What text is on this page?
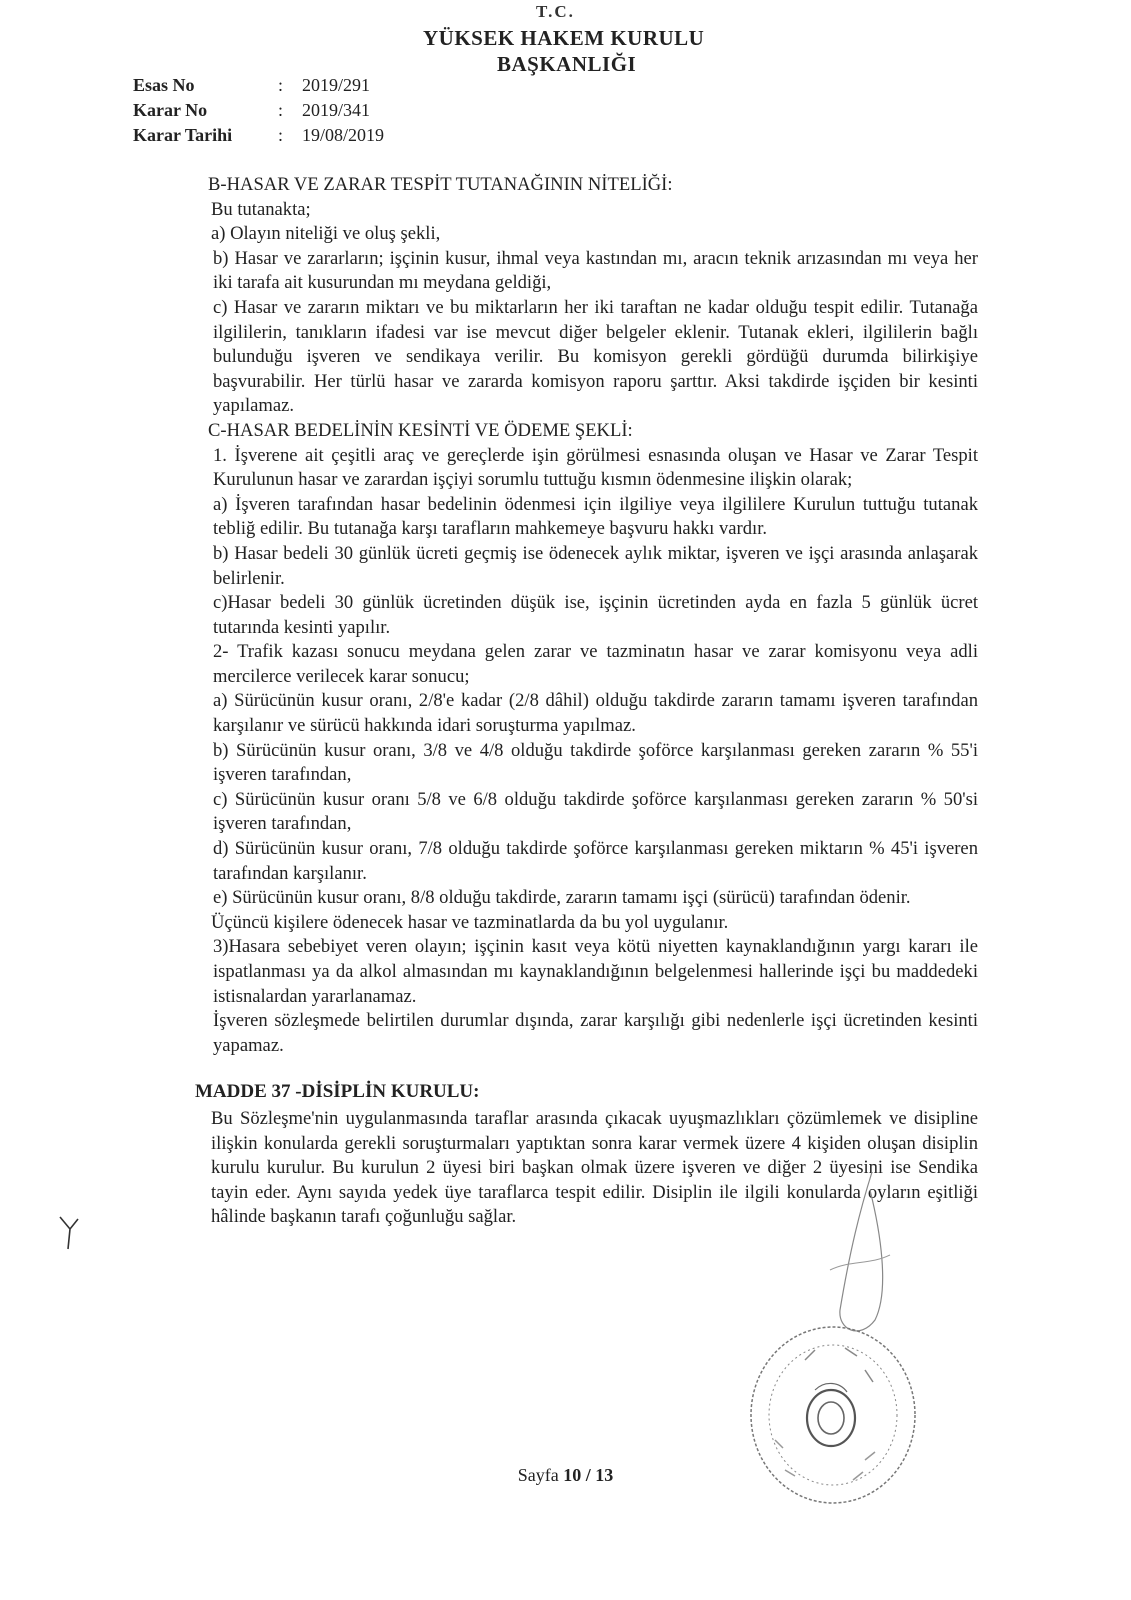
T.C.
YÜKSEK HAKEM KURULU
BAŞKANLIĞI
Esas No	: 2019/291
Karar No	: 2019/341
Karar Tarihi	: 19/08/2019

B-HASAR VE ZARAR TESPİT TUTANAĞININ NİTELİĞİ:

Bu tutanakta;

a) Olayın niteliği ve oluş şekli,

b) Hasar ve zararların; işçinin kusur, ihmal veya kastından mı, aracın teknik arızasından mı veya her iki tarafa ait kusurundan mı meydana geldiği,

c) Hasar ve zararın miktarı ve bu miktarların her iki taraftan ne kadar olduğu tespit edilir. Tutanağa ilgililerin, tanıkların ifadesi var ise mevcut diğer belgeler eklenir. Tutanak ekleri, ilgililerin bağlı bulunduğu işveren ve sendikaya verilir. Bu komisyon gerekli gördüğü durumda bilirkişiye başvurabilir. Her türlü hasar ve zararda komisyon raporu şarttır. Aksi takdirde işçiden bir kesinti yapılamaz.

C-HASAR BEDELİNİN KESİNTİ VE ÖDEME ŞEKLİ:

1. İşverene ait çeşitli araç ve gereçlerde işin görülmesi esnasında oluşan ve Hasar ve Zarar Tespit Kurulunun hasar ve zarardan işçiyi sorumlu tuttuğu kısmın ödenmesine ilişkin olarak;

a) İşveren tarafından hasar bedelinin ödenmesi için ilgiliye veya ilgililere Kurulun tuttuğu tutanak tebliğ edilir. Bu tutanağa karşı tarafların mahkemeye başvuru hakkı vardır.

b) Hasar bedeli 30 günlük ücreti geçmiş ise ödenecek aylık miktar, işveren ve işçi arasında anlaşarak belirlenir.

c)Hasar bedeli 30 günlük ücretinden düşük ise, işçinin ücretinden ayda en fazla 5 günlük ücret tutarında kesinti yapılır.

2- Trafik kazası sonucu meydana gelen zarar ve tazminatın hasar ve zarar komisyonu veya adli mercilerce verilecek karar sonucu;

a) Sürücünün kusur oranı, 2/8'e kadar (2/8 dâhil) olduğu takdirde zararın tamamı işveren tarafından karşılanır ve sürücü hakkında idari soruşturma yapılmaz.

b) Sürücünün kusur oranı, 3/8 ve 4/8 olduğu takdirde şoförce karşılanması gereken zararın % 55'i işveren tarafından,

c) Sürücünün kusur oranı 5/8 ve 6/8 olduğu takdirde şoförce karşılanması gereken zararın % 50'si işveren tarafından,

d) Sürücünün kusur oranı, 7/8 olduğu takdirde şoförce karşılanması gereken miktarın % 45'i işveren tarafından karşılanır.

e) Sürücünün kusur oranı, 8/8 olduğu takdirde, zararın tamamı işçi (sürücü) tarafından ödenir.

Üçüncü kişilere ödenecek hasar ve tazminatlarda da bu yol uygulanır.

3)Hasara sebebiyet veren olayın; işçinin kasıt veya kötü niyetten kaynaklandığının yargı kararı ile ispatlanması ya da alkol almasından mı kaynaklandığının belgelenmesi hallerinde işçi bu maddedeki istisnalardan yararlanamaz.

İşveren sözleşmede belirtilen durumlar dışında, zarar karşılığı gibi nedenlerle işçi ücretinden kesinti yapamaz.

MADDE 37 -DİSİPLİN KURULU:

Bu Sözleşme'nin uygulanmasında taraflar arasında çıkacak uyuşmazlıkları çözümlemek ve disipline ilişkin konularda gerekli soruşturmaları yaptıktan sonra karar vermek üzere 4 kişiden oluşan disiplin kurulu kurulur. Bu kurulun 2 üyesi biri başkan olmak üzere işveren ve diğer 2 üyesini ise Sendika tayin eder. Aynı sayıda yedek üye taraflarca tespit edilir. Disiplin ile ilgili konularda oyların eşitliği hâlinde başkanın tarafı çoğunluğu sağlar.

Sayfa 10 / 13
